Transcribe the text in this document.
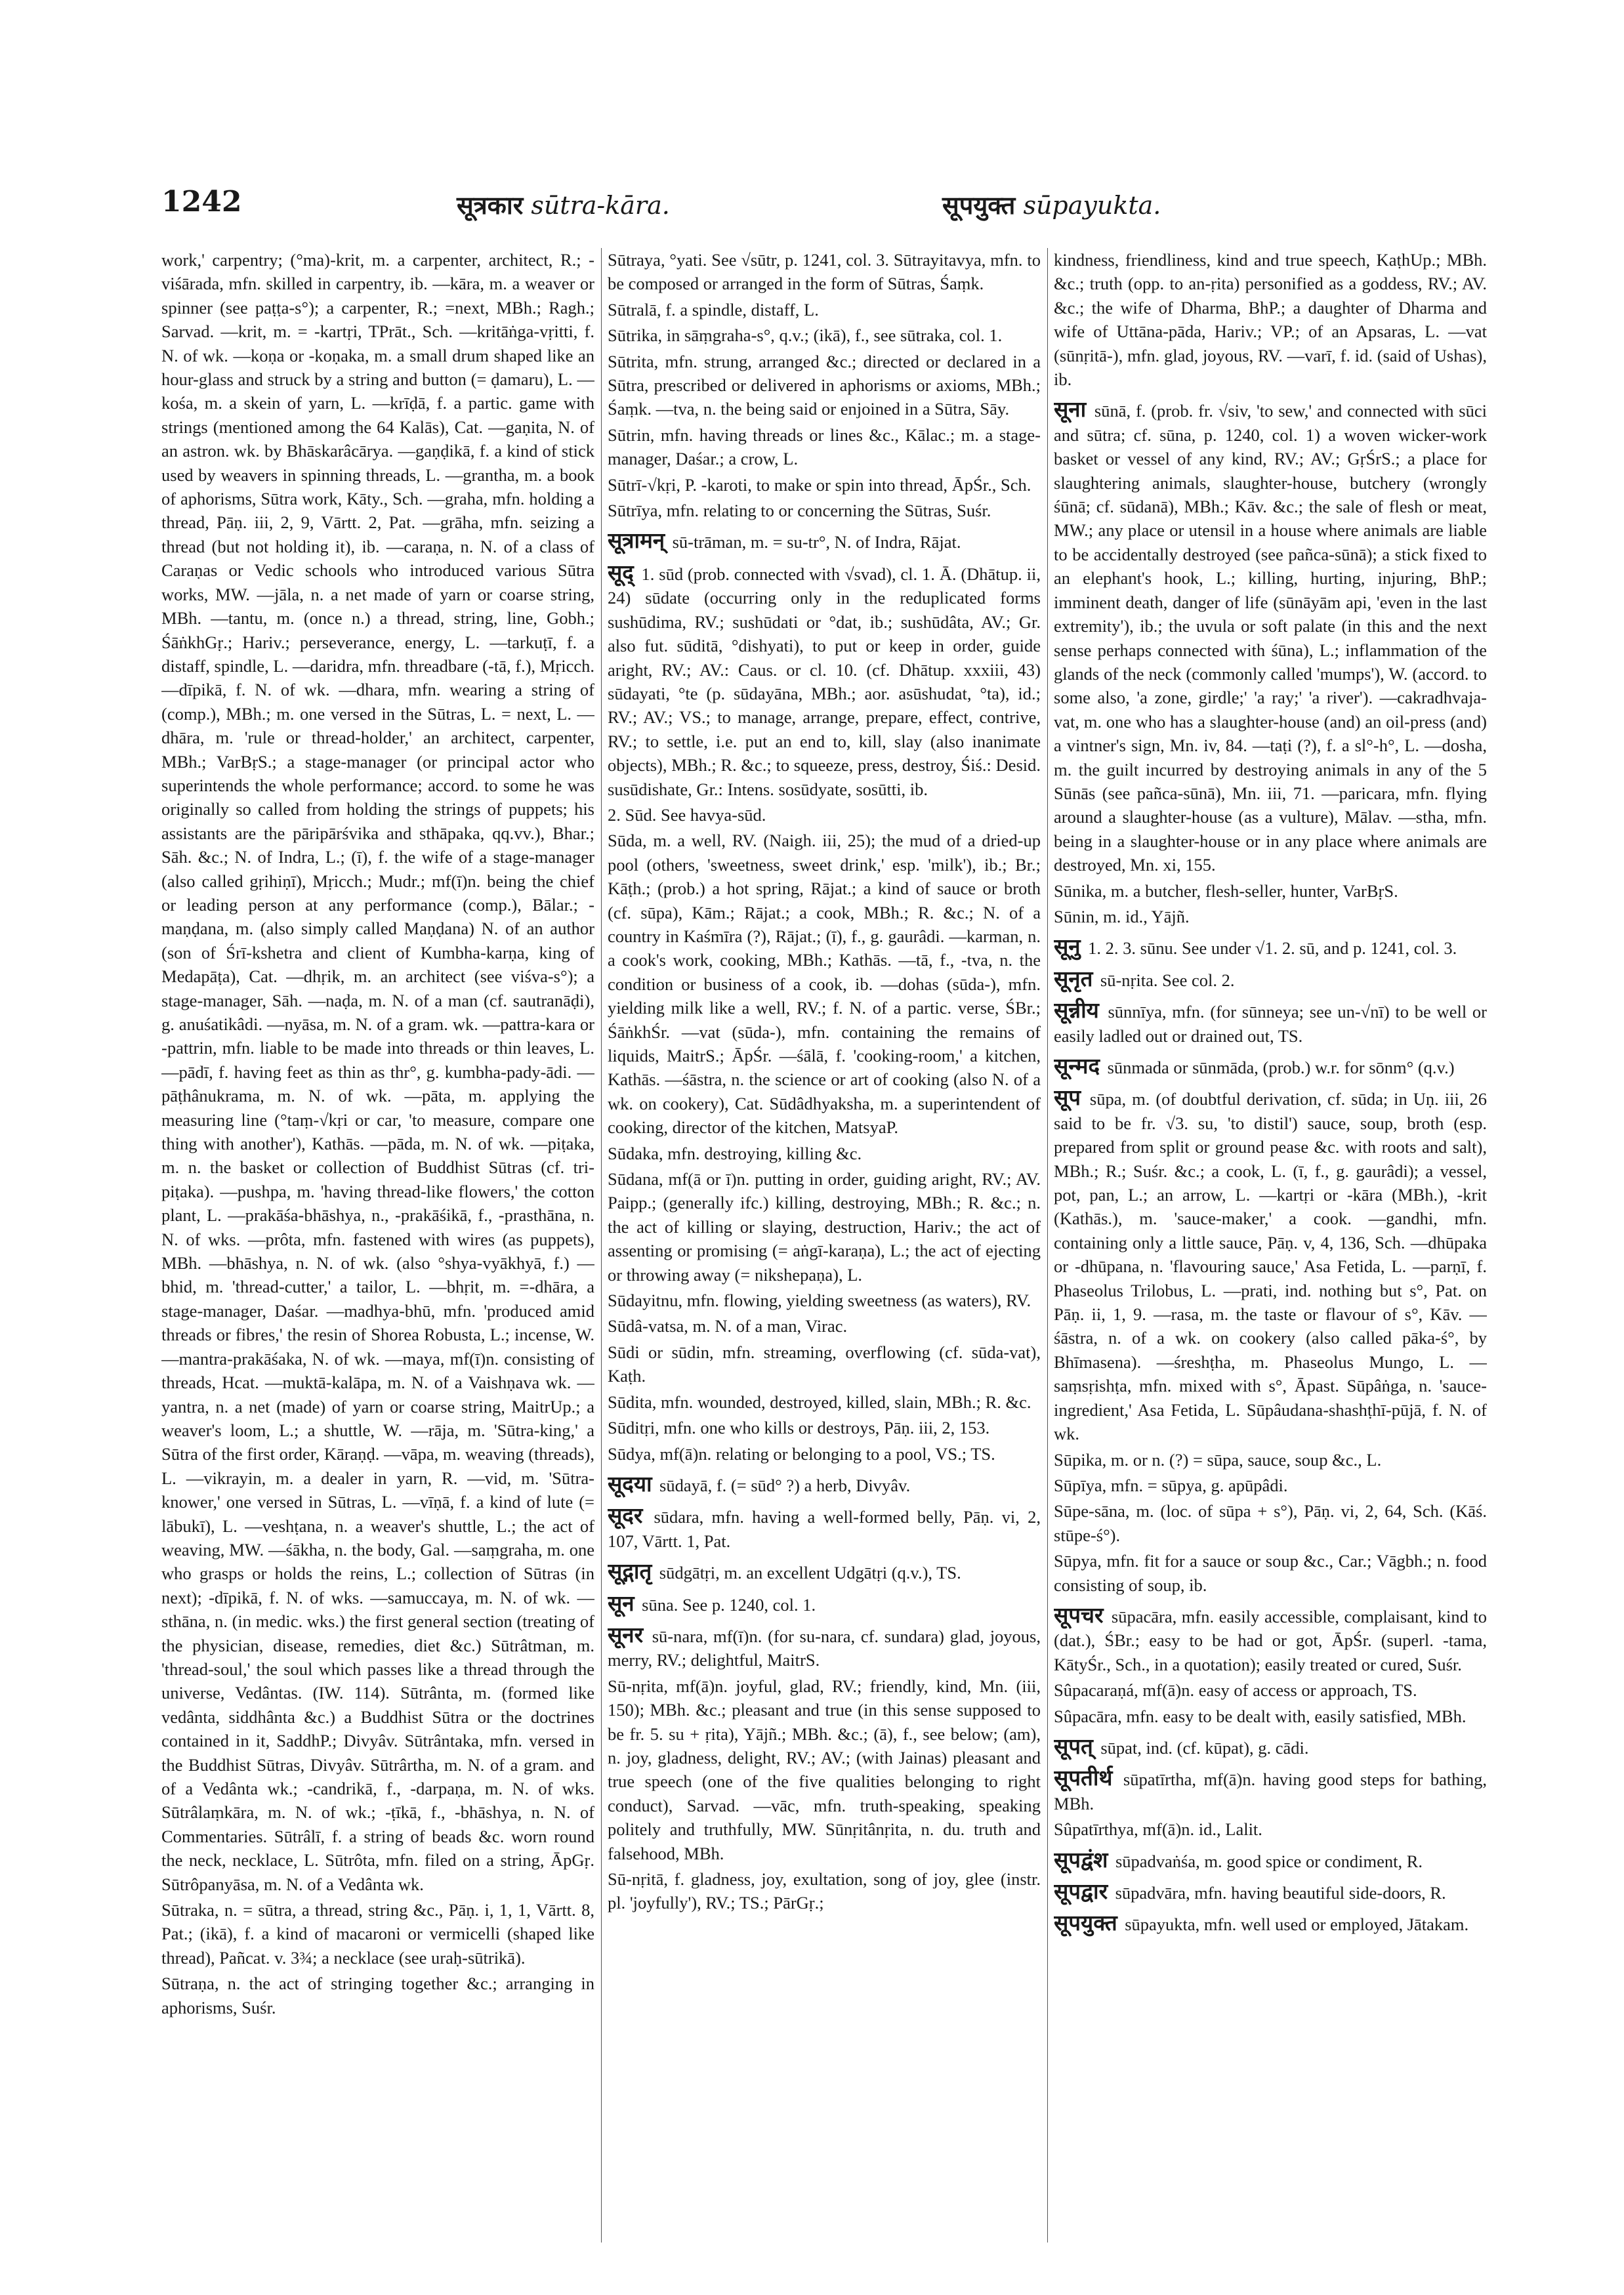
1242	सूत्रकार sūtra-kāra.	सूपयुक्त sūpayukta.

work,' carpentry; (°ma)-krit, m. a carpenter, architect, R.; -viśārada, mfn. skilled in carpentry, ib. —kāra, m. a weaver or spinner (see paṭṭa-s°); a carpenter, R.; =next, MBh.; Ragh.; Sarvad. —krit, m. = -kartṛi, TPrāt., Sch. —kritāṅga-vṛitti, f. N. of wk. —koṇa or -koṇaka, m. a small drum shaped like an hour-glass and struck by a string and button (= ḍamaru), L. —kośa, m. a skein of yarn, L. —krīḍā, f. a partic. game with strings (mentioned among the 64 Kalās), Cat. —gaṇita, N. of an astron. wk. by Bhāskarâcārya. —gaṇḍikā, f. a kind of stick used by weavers in spinning threads, L. —grantha, m. a book of aphorisms, Sūtra work, Kāty., Sch. —graha, mfn. holding a thread, Pāṇ. iii, 2, 9, Vārtt. 2, Pat. —grāha, mfn. seizing a thread (but not holding it), ib. —caraṇa, n. N. of a class of Caraṇas or Vedic schools who introduced various Sūtra works, MW. —jāla, n. a net made of yarn or coarse string, MBh. —tantu, m. (once n.) a thread, string, line, Gobh.; ŚāṅkhGṛ.; Hariv.; perseverance, energy, L. —tarkuṭī, f. a distaff, spindle, L. —daridra, mfn. threadbare (-tā, f.), Mṛicch. —dīpikā, f. N. of wk. —dhara, mfn. wearing a string of (comp.), MBh.; m. one versed in the Sūtras, L. = next, L. —dhāra, m. 'rule or thread-holder,' an architect, carpenter, MBh.; VarBṛS.; a stage-manager (or principal actor who superintends the whole performance; accord. to some he was originally so called from holding the strings of puppets; his assistants are the pāripārśvika and sthāpaka, qq.vv.), Bhar.; Sāh. &c.; N. of Indra, L.; (ī), f. the wife of a stage-manager (also called gṛihiṇī), Mṛicch.; Mudr.; mf(ī)n. being the chief or leading person at any performance (comp.), Bālar.; -maṇḍana, m. (also simply called Maṇḍana) N. of an author (son of Śrī-kshetra and client of Kumbha-karṇa, king of Medapāṭa), Cat. —dhṛik, m. an architect (see viśva-s°); a stage-manager, Sāh. —naḍa, m. N. of a man (cf. sautranāḍi), g. anuśatikâdi. —nyāsa, m. N. of a gram. wk. —pattra-kara or -pattrin, mfn. liable to be made into threads or thin leaves, L. —pādī, f. having feet as thin as thr°, g. kumbha-pady-ādi. —pāṭhânukrama, m. N. of wk. —pāta, m. applying the measuring line (°taṃ-√kṛi or car, 'to measure, compare one thing with another'), Kathās. —pāda, m. N. of wk. —piṭaka, m. n. the basket or collection of Buddhist Sūtras (cf. tri-piṭaka). —pushpa, m. 'having thread-like flowers,' the cotton plant, L. —prakāśa-bhāshya, n., -prakāśikā, f., -prasthāna, n. N. of wks. —prôta, mfn. fastened with wires (as puppets), MBh. —bhāshya, n. N. of wk. (also °shya-vyākhyā, f.) —bhid, m. 'thread-cutter,' a tailor, L. —bhṛit, m. =-dhāra, a stage-manager, Daśar. —madhya-bhū, mfn. 'produced amid threads or fibres,' the resin of Shorea Robusta, L.; incense, W. —mantra-prakāśaka, N. of wk. —maya, mf(ī)n. consisting of threads, Hcat. —muktā-kalāpa, m. N. of a Vaishṇava wk. —yantra, n. a net (made) of yarn or coarse string, MaitrUp.; a weaver's loom, L.; a shuttle, W. —rāja, m. 'Sūtra-king,' a Sūtra of the first order, Kāraṇḍ. —vāpa, m. weaving (threads), L. —vikrayin, m. a dealer in yarn, R. —vid, m. 'Sūtra-knower,' one versed in Sūtras, L. —vīṇā, f. a kind of lute (= lābukī), L. —veshṭana, n. a weaver's shuttle, L.; the act of weaving, MW. —śākha, n. the body, Gal. —saṃgraha, m. one who grasps or holds the reins, L.; collection of Sūtras (in next); -dīpikā, f. N. of wks. —samuccaya, m. N. of wk. —sthāna, n. (in medic. wks.) the first general section (treating of the physician, disease, remedies, diet &c.) Sūtrâtman, m. 'thread-soul,' the soul which passes like a thread through the universe, Vedântas. (IW. 114). Sūtrânta, m. (formed like vedânta, siddhânta &c.) a Buddhist Sūtra or the doctrines contained in it, SaddhP.; Divyâv. Sūtrântaka, mfn. versed in the Buddhist Sūtras, Divyâv. Sūtrârtha, m. N. of a gram. and of a Vedânta wk.; -candrikā, f., -darpaṇa, m. N. of wks. Sūtrâlaṃkāra, m. N. of wk.; -ṭīkā, f., -bhāshya, n. N. of Commentaries. Sūtrâlī, f. a string of beads &c. worn round the neck, necklace, L. Sūtrôta, mfn. filed on a string, ĀpGṛ. Sūtrôpanyāsa, m. N. of a Vedânta wk.

Sūtraka, n. = sūtra, a thread, string &c., Pāṇ. i, 1, 1, Vārtt. 8, Pat.; (ikā), f. a kind of macaroni or vermicelli (shaped like thread), Pañcat. v. 3¾; a necklace (see uraḥ-sūtrikā).

Sūtraṇa, n. the act of stringing together &c.; arranging in aphorisms, Suśr.

Sūtraya, °yati. See √sūtr, p. 1241, col. 3. Sūtrayitavya, mfn. to be composed or arranged in the form of Sūtras, Śaṃk.

Sūtralā, f. a spindle, distaff, L.

Sūtrika, in sāṃgraha-s°, q.v.; (ikā), f., see sūtraka, col. 1.

Sūtrita, mfn. strung, arranged &c.; directed or declared in a Sūtra, prescribed or delivered in aphorisms or axioms, MBh.; Śaṃk. —tva, n. the being said or enjoined in a Sūtra, Sāy.

Sūtrin, mfn. having threads or lines &c., Kālac.; m. a stage-manager, Daśar.; a crow, L.

Sūtrī-√kṛi, P. -karoti, to make or spin into thread, ĀpŚr., Sch.

Sūtrīya, mfn. relating to or concerning the Sūtras, Suśr.

सूत्रामन् sū-trāman, m. = su-tr°, N. of Indra, Rājat.

सूद् 1. sūd (prob. connected with √svad), cl. 1. Ā. (Dhātup. ii, 24) sūdate (occurring only in the reduplicated forms sushūdima, RV.; sushūdati or °dat, ib.; sushūdâta, AV.; Gr. also fut. sūditā, °dishyati), to put or keep in order, guide aright, RV.; AV.: Caus. or cl. 10. (cf. Dhātup. xxxiii, 43) sūdayati, °te (p. sūdayāna, MBh.; aor. asūshudat, °ta), id.; RV.; AV.; VS.; to manage, arrange, prepare, effect, contrive, RV.; to settle, i.e. put an end to, kill, slay (also inanimate objects), MBh.; R. &c.; to squeeze, press, destroy, Śiś.: Desid. susūdishate, Gr.: Intens. sosūdyate, sosūtti, ib.

2. Sūd. See havya-sūd.

Sūda, m. a well, RV. (Naigh. iii, 25); the mud of a dried-up pool (others, 'sweetness, sweet drink,' esp. 'milk'), ib.; Br.; Kāṭh.; (prob.) a hot spring, Rājat.; a kind of sauce or broth (cf. sūpa), Kām.; Rājat.; a cook, MBh.; R. &c.; N. of a country in Kaśmīra (?), Rājat.; (ī), f., g. gaurâdi. —karman, n. a cook's work, cooking, MBh.; Kathās. —tā, f., -tva, n. the condition or business of a cook, ib. —dohas (sūda-), mfn. yielding milk like a well, RV.; f. N. of a partic. verse, ŚBr.; ŚāṅkhŚr. —vat (sūda-), mfn. containing the remains of liquids, MaitrS.; ĀpŚr. —śālā, f. 'cooking-room,' a kitchen, Kathās. —śāstra, n. the science or art of cooking (also N. of a wk. on cookery), Cat. Sūdâdhyaksha, m. a superintendent of cooking, director of the kitchen, MatsyaP.

Sūdaka, mfn. destroying, killing &c.

Sūdana, mf(ā or ī)n. putting in order, guiding aright, RV.; AV. Paipp.; (generally ifc.) killing, destroying, MBh.; R. &c.; n. the act of killing or slaying, destruction, Hariv.; the act of assenting or promising (= aṅgī-karaṇa), L.; the act of ejecting or throwing away (= nikshepaṇa), L.

Sūdayitnu, mfn. flowing, yielding sweetness (as waters), RV.

Sūdâ-vatsa, m. N. of a man, Virac.

Sūdi or sūdin, mfn. streaming, overflowing (cf. sūda-vat), Kaṭh.

Sūdita, mfn. wounded, destroyed, killed, slain, MBh.; R. &c.

Sūditṛi, mfn. one who kills or destroys, Pāṇ. iii, 2, 153.

Sūdya, mf(ā)n. relating or belonging to a pool, VS.; TS.

सूदया sūdayā, f. (= sūd° ?) a herb, Divyâv.

सूदर sūdara, mfn. having a well-formed belly, Pāṇ. vi, 2, 107, Vārtt. 1, Pat.

सूद्गातृ sūdgātṛi, m. an excellent Udgātṛi (q.v.), TS.

सून sūna. See p. 1240, col. 1.

सूनर sū-nara, mf(ī)n. (for su-nara, cf. sundara) glad, joyous, merry, RV.; delightful, MaitrS.

Sū-nṛita, mf(ā)n. joyful, glad, RV.; friendly, kind, Mn. (iii, 150); MBh. &c.; pleasant and true (in this sense supposed to be fr. 5. su + ṛita), Yājñ.; MBh. &c.; (ā), f., see below; (am), n. joy, gladness, delight, RV.; AV.; (with Jainas) pleasant and true speech (one of the five qualities belonging to right conduct), Sarvad. —vāc, mfn. truth-speaking, speaking politely and truthfully, MW. Sūnṛitânṛita, n. du. truth and falsehood, MBh.

Sū-nṛitā, f. gladness, joy, exultation, song of joy, glee (instr. pl. 'joyfully'), RV.; TS.; PārGṛ.;

kindness, friendliness, kind and true speech, KaṭhUp.; MBh. &c.; truth (opp. to an-ṛita) personified as a goddess, RV.; AV. &c.; the wife of Dharma, BhP.; a daughter of Dharma and wife of Uttāna-pāda, Hariv.; VP.; of an Apsaras, L. —vat (sūnṛitā-), mfn. glad, joyous, RV. —varī, f. id. (said of Ushas), ib.

सूना sūnā, f. (prob. fr. √siv, 'to sew,' and connected with sūci and sūtra; cf. sūna, p. 1240, col. 1) a woven wicker-work basket or vessel of any kind, RV.; AV.; GṛŚrS.; a place for slaughtering animals, slaughter-house, butchery (wrongly śūnā; cf. sūdanā), MBh.; Kāv. &c.; the sale of flesh or meat, MW.; any place or utensil in a house where animals are liable to be accidentally destroyed (see pañca-sūnā); a stick fixed to an elephant's hook, L.; killing, hurting, injuring, BhP.; imminent death, danger of life (sūnāyām api, 'even in the last extremity'), ib.; the uvula or soft palate (in this and the next sense perhaps connected with śūna), L.; inflammation of the glands of the neck (commonly called 'mumps'), W. (accord. to some also, 'a zone, girdle;' 'a ray;' 'a river'). —cakradhvaja-vat, m. one who has a slaughter-house (and) an oil-press (and) a vintner's sign, Mn. iv, 84. —taṭi (?), f. a sl°-h°, L. —dosha, m. the guilt incurred by destroying animals in any of the 5 Sūnās (see pañca-sūnā), Mn. iii, 71. —paricara, mfn. flying around a slaughter-house (as a vulture), Mālav. —stha, mfn. being in a slaughter-house or in any place where animals are destroyed, Mn. xi, 155.

Sūnika, m. a butcher, flesh-seller, hunter, VarBṛS.

Sūnin, m. id., Yājñ.

सूनु 1. 2. 3. sūnu. See under √1. 2. sū, and p. 1241, col. 3.

सूनृत sū-nṛita. See col. 2.

सून्नीय sūnnīya, mfn. (for sūnneya; see un-√nī) to be well or easily ladled out or drained out, TS.

सून्मद sūnmada or sūnmāda, (prob.) w.r. for sōnm° (q.v.)

सूप sūpa, m. (of doubtful derivation, cf. sūda; in Uṇ. iii, 26 said to be fr. √3. su, 'to distil') sauce, soup, broth (esp. prepared from split or ground pease &c. with roots and salt), MBh.; R.; Suśr. &c.; a cook, L. (ī, f., g. gaurâdi); a vessel, pot, pan, L.; an arrow, L. —kartṛi or -kāra (MBh.), -krit (Kathās.), m. 'sauce-maker,' a cook. —gandhi, mfn. containing only a little sauce, Pāṇ. v, 4, 136, Sch. —dhūpaka or -dhūpana, n. 'flavouring sauce,' Asa Fetida, L. —parṇī, f. Phaseolus Trilobus, L. —prati, ind. nothing but s°, Pat. on Pāṇ. ii, 1, 9. —rasa, m. the taste or flavour of s°, Kāv. —śāstra, n. of a wk. on cookery (also called pāka-ś°, by Bhīmasena). —śreshṭha, m. Phaseolus Mungo, L. —saṃsṛishṭa, mfn. mixed with s°, Āpast. Sūpâṅga, n. 'sauce-ingredient,' Asa Fetida, L. Sūpâudana-shashṭhī-pūjā, f. N. of wk.

Sūpika, m. or n. (?) = sūpa, sauce, soup &c., L.

Sūpīya, mfn. = sūpya, g. apūpâdi.

Sūpe-sāna, m. (loc. of sūpa + s°), Pāṇ. vi, 2, 64, Sch. (Kāś. stūpe-ś°).

Sūpya, mfn. fit for a sauce or soup &c., Car.; Vāgbh.; n. food consisting of soup, ib.

सूपचर sūpacāra, mfn. easily accessible, complaisant, kind to (dat.), ŚBr.; easy to be had or got, ĀpŚr. (superl. -tama, KātyŚr., Sch., in a quotation); easily treated or cured, Suśr.

Sûpacaraṇá, mf(ā)n. easy of access or approach, TS.

Sûpacāra, mfn. easy to be dealt with, easily satisfied, MBh.

सूपत् sūpat, ind. (cf. kūpat), g. cādi.

सूपतीर्थ sūpatīrtha, mf(ā)n. having good steps for bathing, MBh.

Sûpatīrthya, mf(ā)n. id., Lalit.

सूपद्वंश sūpadvaṅśa, m. good spice or condiment, R.

सूपद्वार sūpadvāra, mfn. having beautiful side-doors, R.

सूपयुक्त sūpayukta, mfn. well used or employed, Jātakam.
